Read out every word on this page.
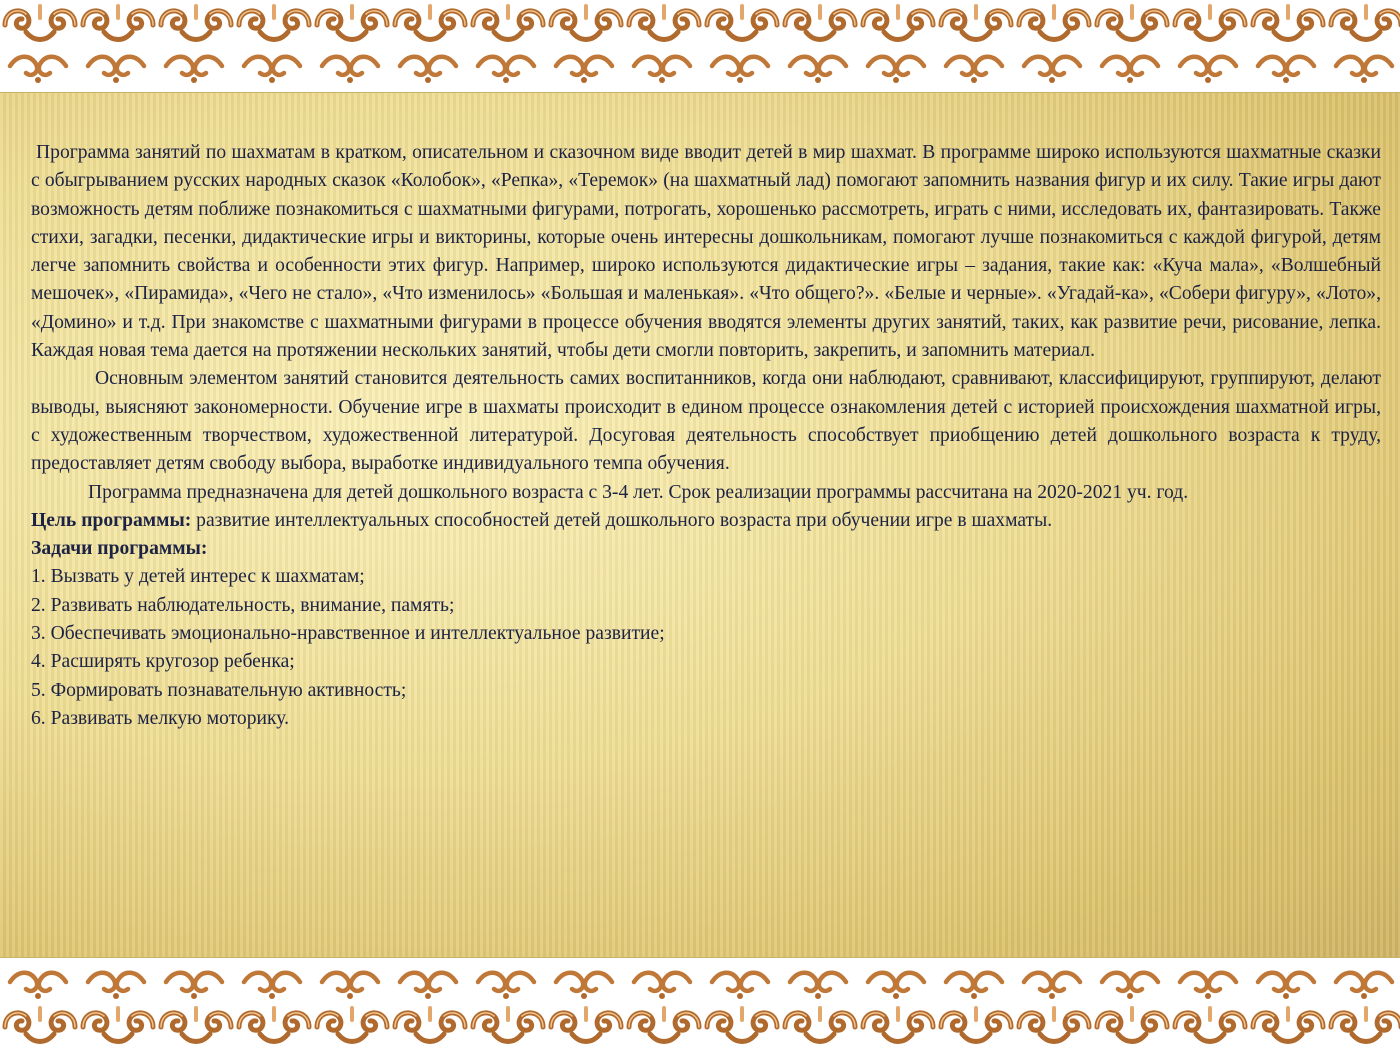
Программа занятий по шахматам в кратком, описательном и сказочном виде вводит детей в мир шахмат. В программе широко используются шахматные сказки с обыгрыванием русских народных сказок «Колобок», «Репка», «Теремок» (на шахматный лад) помогают запомнить названия фигур и их силу. Такие игры дают возможность детям поближе познакомиться с шахматными фигурами, потрогать, хорошенько рассмотреть, играть с ними, исследовать их, фантазировать. Также стихи, загадки, песенки, дидактические игры и викторины, которые очень интересны дошкольникам, помогают лучше познакомиться с каждой фигурой, детям легче запомнить свойства и особенности этих фигур. Например, широко используются дидактические игры – задания, такие как: «Куча мала», «Волшебный мешочек», «Пирамида», «Чего не стало», «Что изменилось» «Большая и маленькая». «Что общего?». «Белые и черные». «Угадай-ка», «Собери фигуру», «Лото», «Домино» и т.д. При знакомстве с шахматными фигурами в процессе обучения вводятся элементы других занятий, таких, как развитие речи, рисование, лепка. Каждая новая тема дается на протяжении нескольких занятий, чтобы дети смогли повторить, закрепить, и запомнить материал.

Основным элементом занятий становится деятельность самих воспитанников, когда они наблюдают, сравнивают, классифицируют, группируют, делают выводы, выясняют закономерности. Обучение игре в шахматы происходит в едином процессе ознакомления детей с историей происхождения шахматной игры, с художественным творчеством, художественной литературой. Досуговая деятельность способствует приобщению детей дошкольного возраста к труду, предоставляет детям свободу выбора, выработке индивидуального темпа обучения.

Программа предназначена для детей дошкольного возраста с 3-4 лет. Срок реализации программы рассчитана на 2020-2021 уч. год.

Цель программы: развитие интеллектуальных способностей детей дошкольного возраста при обучении игре в шахматы.

Задачи программы:

1. Вызвать у детей интерес к шахматам;

2. Развивать наблюдательность, внимание, память;

3. Обеспечивать эмоционально-нравственное и интеллектуальное развитие;

4. Расширять кругозор ребенка;

5. Формировать познавательную активность;

6. Развивать мелкую моторику.
